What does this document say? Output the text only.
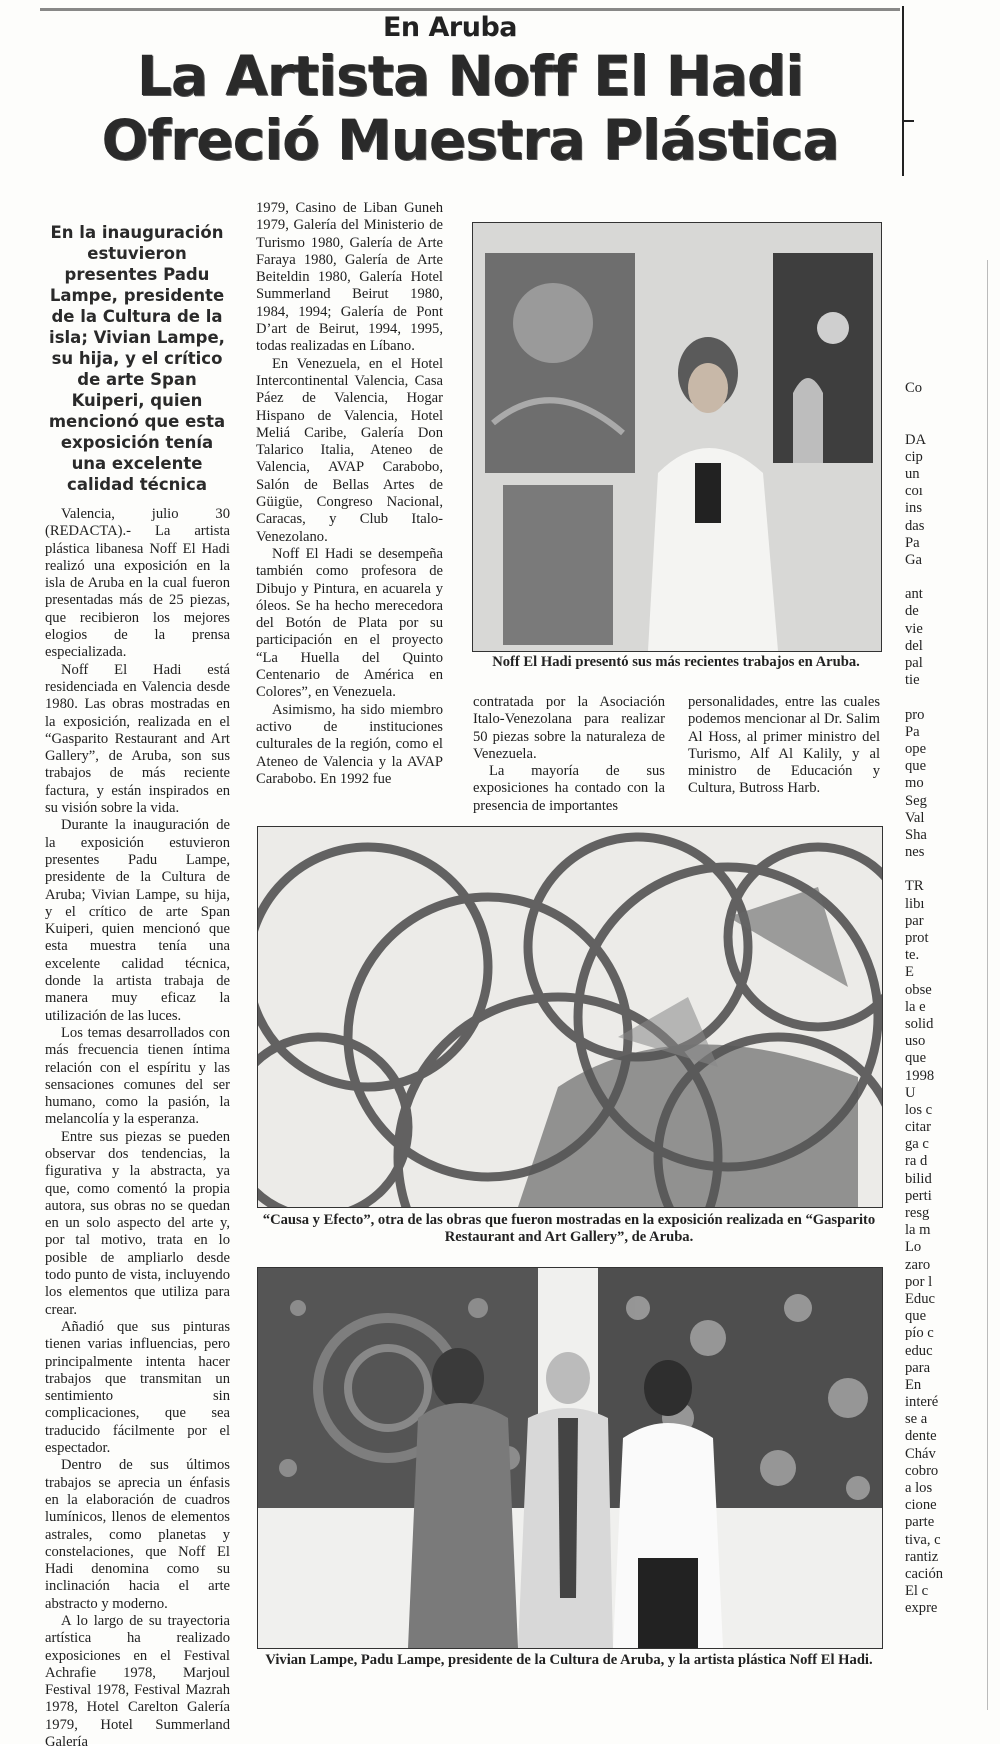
En Aruba
La Artista Noff El Hadi
Ofreció Muestra Plástica
En la inauguración estuvieron presentes Padu Lampe, presidente de la Cultura de la isla; Vivian Lampe, su hija, y el crítico de arte Span Kuiperi, quien mencionó que esta exposición tenía una excelente calidad técnica

Valencia, julio 30 (REDACTA).- La artista plástica libanesa Noff El Hadi realizó una exposición en la isla de Aruba en la cual fueron presentadas más de 25 piezas, que recibieron los mejores elogios de la prensa especializada.

Noff El Hadi está residenciada en Valencia desde 1980. Las obras mostradas en la exposición, realizada en el “Gasparito Restaurant and Art Gallery”, de Aruba, son sus trabajos de más reciente factura, y están inspirados en su visión sobre la vida.

Durante la inauguración de la exposición estuvieron presentes Padu Lampe, presidente de la Cultura de Aruba; Vivian Lampe, su hija, y el crítico de arte Span Kuiperi, quien mencionó que esta muestra tenía una excelente calidad técnica, donde la artista trabaja de manera muy eficaz la utilización de las luces.

Los temas desarrollados con más frecuencia tienen íntima relación con el espíritu y las sensaciones comunes del ser humano, como la pasión, la melancolía y la esperanza.

Entre sus piezas se pueden observar dos tendencias, la figurativa y la abstracta, ya que, como comentó la propia autora, sus obras no se quedan en un solo aspecto del arte y, por tal motivo, trata en lo posible de ampliarlo desde todo punto de vista, incluyendo los elementos que utiliza para crear.

Añadió que sus pinturas tienen varias influencias, pero principalmente intenta hacer trabajos que transmitan un sentimiento sin complicaciones, que sea traducido fácilmente por el espectador.

Dentro de sus últimos trabajos se aprecia un énfasis en la elaboración de cuadros lumínicos, llenos de elementos astrales, como planetas y constelaciones, que Noff El Hadi denomina como su inclinación hacia el arte abstracto y moderno.

A lo largo de su trayectoria artística ha realizado exposiciones en el Festival Achrafie 1978, Marjoul Festival 1978, Festival Mazrah 1978, Hotel Carelton Galería 1979, Hotel Summerland Galería

1979, Casino de Liban Guneh 1979, Galería del Ministerio de Turismo 1980, Galería de Arte Faraya 1980, Galería de Arte Beiteldin 1980, Galería Hotel Summerland Beirut 1980, 1984, 1994; Galería de Pont D’art de Beirut, 1994, 1995, todas realizadas en Líbano.

En Venezuela, en el Hotel Intercontinental Valencia, Casa Páez de Valencia, Hogar Hispano de Valencia, Hotel Meliá Caribe, Galería Don Talarico Italia, Ateneo de Valencia, AVAP Carabobo, Salón de Bellas Artes de Güigüe, Congreso Nacional, Caracas, y Club Italo-Venezolano.

Noff El Hadi se desempeña también como profesora de Dibujo y Pintura, en acuarela y óleos. Se ha hecho merecedora del Botón de Plata por su participación en el proyecto “La Huella del Quinto Centenario de América en Colores”, en Venezuela.

Asimismo, ha sido miembro activo de instituciones culturales de la región, como el Ateneo de Valencia y la AVAP Carabobo. En 1992 fue

Noff El Hadi presentó sus más recientes trabajos en Aruba.

contratada por la Asociación Italo-Venezolana para realizar 50 piezas sobre la naturaleza de Venezuela.

La mayoría de sus exposiciones ha contado con la presencia de importantes

personalidades, entre las cuales podemos mencionar al Dr. Salim Al Hoss, al primer ministro del Turismo, Alf Al Kalily, y al ministro de Educación y Cultura, Butross Harb.

“Causa y Efecto”, otra de las obras que fueron mostradas en la exposición realizada en “Gasparito Restaurant and Art Gallery”, de Aruba.
Vivian Lampe, Padu Lampe, presidente de la Cultura de Aruba, y la artista plástica Noff El Hadi.
Co
DA
cip
un
coı
ins
das
Pa
Ga
ant
de
vie
del
pal
tie
pro
Pa
ope
que
mo
Seg
Val
Sha
nes
TR
libı
par
prot
te.
E
obse
la e
solid
uso
que
1998
U
los c
citar
ga c
ra d
bilid
perti
resg
la m
Lo
zaro
por l
Educ
que
pío c
educ
para
En
interé
se a
dente
Cháv
cobro
a los
cione
parte
tiva, c
rantiz
cación
El c
expre
